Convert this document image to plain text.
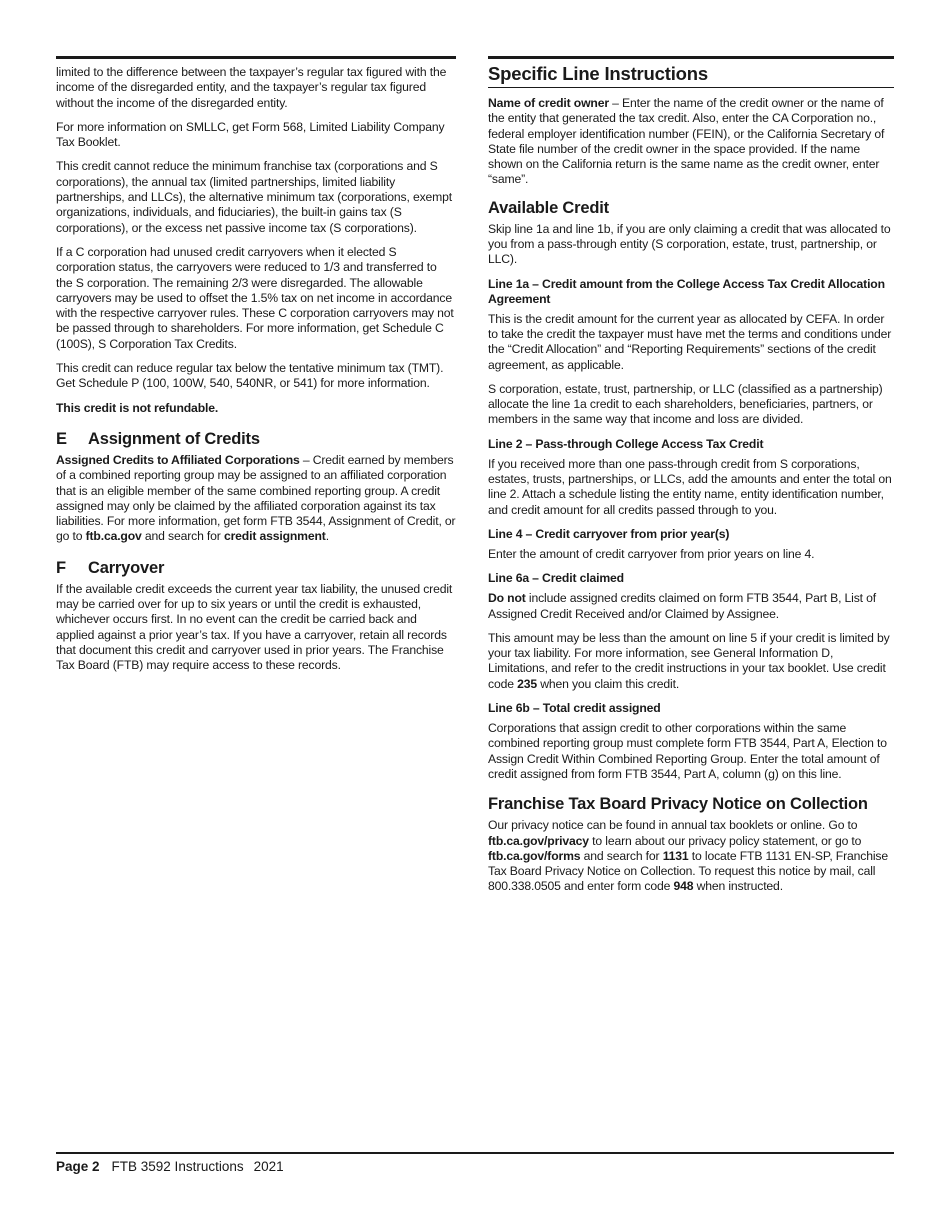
limited to the difference between the taxpayer’s regular tax figured with the income of the disregarded entity, and the taxpayer’s regular tax figured without the income of the disregarded entity.

For more information on SMLLC, get Form 568, Limited Liability Company Tax Booklet.

This credit cannot reduce the minimum franchise tax (corporations and S corporations), the annual tax (limited partnerships, limited liability partnerships, and LLCs), the alternative minimum tax (corporations, exempt organizations, individuals, and fiduciaries), the built-in gains tax (S corporations), or the excess net passive income tax (S corporations).

If a C corporation had unused credit carryovers when it elected S corporation status, the carryovers were reduced to 1/3 and transferred to the S corporation. The remaining 2/3 were disregarded. The allowable carryovers may be used to offset the 1.5% tax on net income in accordance with the respective carryover rules. These C corporation carryovers may not be passed through to shareholders. For more information, get Schedule C (100S), S Corporation Tax Credits.

This credit can reduce regular tax below the tentative minimum tax (TMT). Get Schedule P (100, 100W, 540, 540NR, or 541) for more information.

This credit is not refundable.

E Assignment of Credits

Assigned Credits to Affiliated Corporations – Credit earned by members of a combined reporting group may be assigned to an affiliated corporation that is an eligible member of the same combined reporting group. A credit assigned may only be claimed by the affiliated corporation against its tax liabilities. For more information, get form FTB 3544, Assignment of Credit, or go to ftb.ca.gov and search for credit assignment.

F Carryover

If the available credit exceeds the current year tax liability, the unused credit may be carried over for up to six years or until the credit is exhausted, whichever occurs first. In no event can the credit be carried back and applied against a prior year’s tax. If you have a carryover, retain all records that document this credit and carryover used in prior years. The Franchise Tax Board (FTB) may require access to these records.

Specific Line Instructions

Name of credit owner – Enter the name of the credit owner or the name of the entity that generated the tax credit. Also, enter the CA Corporation no., federal employer identification number (FEIN), or the California Secretary of State file number of the credit owner in the space provided. If the name shown on the California return is the same name as the credit owner, enter “same”.

Available Credit

Skip line 1a and line 1b, if you are only claiming a credit that was allocated to you from a pass-through entity (S corporation, estate, trust, partnership, or LLC).

Line 1a – Credit amount from the College Access Tax Credit Allocation Agreement

This is the credit amount for the current year as allocated by CEFA. In order to take the credit the taxpayer must have met the terms and conditions under the “Credit Allocation” and “Reporting Requirements” sections of the credit agreement, as applicable.

S corporation, estate, trust, partnership, or LLC (classified as a partnership) allocate the line 1a credit to each shareholders, beneficiaries, partners, or members in the same way that income and loss are divided.

Line 2 – Pass-through College Access Tax Credit

If you received more than one pass-through credit from S corporations, estates, trusts, partnerships, or LLCs, add the amounts and enter the total on line 2. Attach a schedule listing the entity name, entity identification number, and credit amount for all credits passed through to you.

Line 4 – Credit carryover from prior year(s)

Enter the amount of credit carryover from prior years on line 4.

Line 6a – Credit claimed

Do not include assigned credits claimed on form FTB 3544, Part B, List of Assigned Credit Received and/or Claimed by Assignee.

This amount may be less than the amount on line 5 if your credit is limited by your tax liability. For more information, see General Information D, Limitations, and refer to the credit instructions in your tax booklet. Use credit code 235 when you claim this credit.

Line 6b – Total credit assigned

Corporations that assign credit to other corporations within the same combined reporting group must complete form FTB 3544, Part A, Election to Assign Credit Within Combined Reporting Group. Enter the total amount of credit assigned from form FTB 3544, Part A, column (g) on this line.

Franchise Tax Board Privacy Notice on Collection

Our privacy notice can be found in annual tax booklets or online. Go to ftb.ca.gov/privacy to learn about our privacy policy statement, or go to ftb.ca.gov/forms and search for 1131 to locate FTB 1131 EN-SP, Franchise Tax Board Privacy Notice on Collection. To request this notice by mail, call 800.338.0505 and enter form code 948 when instructed.

Page 2 FTB 3592 Instructions 2021
